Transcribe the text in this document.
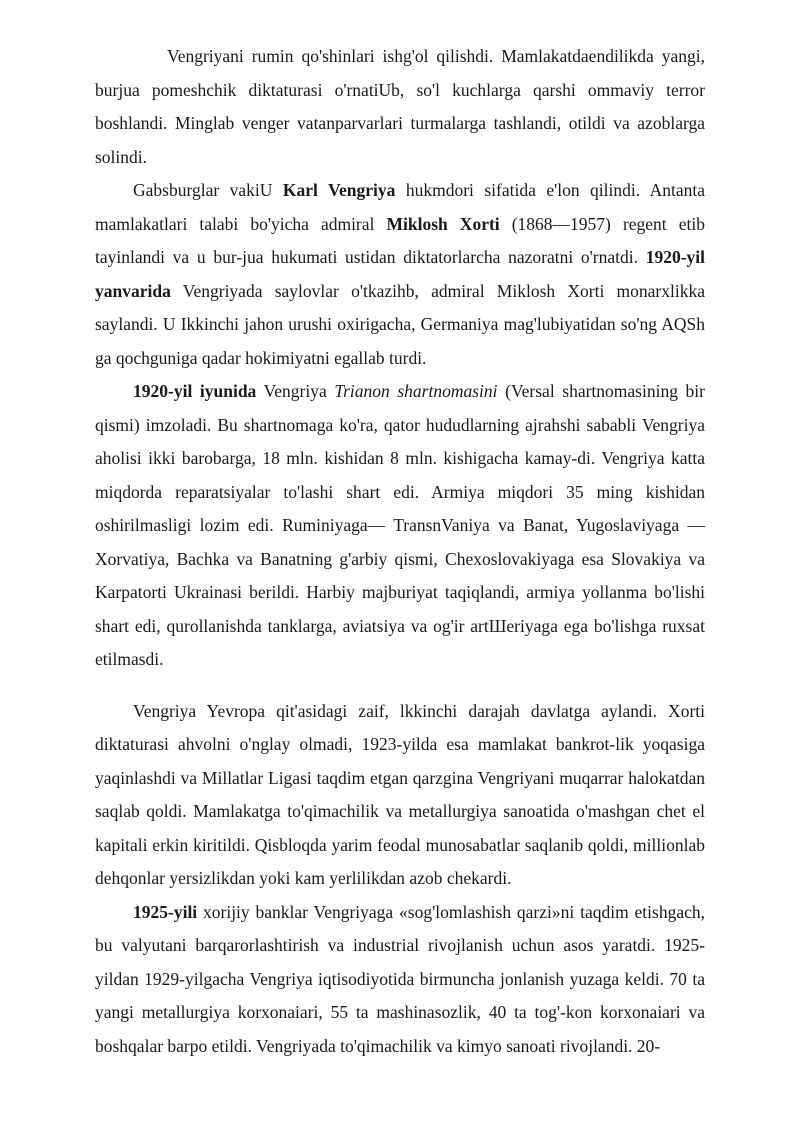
Vengriyani rumin qo'shinlari ishg'ol qilishdi. Mamlakatdaendilikda yangi, burjua pomeshchik diktaturasi o'rnatiUb, so'l kuchlarga qarshi ommaviy terror boshlandi. Minglab venger vatanparvarlari turmalarga tashlandi, otildi va azoblarga solindi.

Gabsburglar vakiU Karl Vengriya hukmdori sifatida e'lon qilindi. Antanta mamlakatlari talabi bo'yicha admiral Miklosh Xorti (1868—1957) regent etib tayinlandi va u bur-jua hukumati ustidan diktatorlarcha nazoratni o'rnatdi. 1920-yil yanvarida Vengriyada saylovlar o'tkazihb, admiral Miklosh Xorti monarxlikka saylandi. U Ikkinchi jahon urushi oxirigacha, Germaniya mag'lubiyatidan so'ng AQSh ga qochguniga qadar hokimiyatni egallab turdi.

1920-yil iyunida Vengriya Trianon shartnomasini (Versal shartnomasining bir qismi) imzoladi. Bu shartnomaga ko'ra, qator hududlarning ajrahshi sababli Vengriya aholisi ikki barobarga, 18 mln. kishidan 8 mln. kishigacha kamay-di. Vengriya katta miqdorda reparatsiyalar to'lashi shart edi. Armiya miqdori 35 ming kishidan oshirilmasligi lozim edi. Ruminiyaga— TransnVaniya va Banat, Yugoslaviyaga — Xorvatiya, Bachka va Banatning g'arbiy qismi, Chexoslovakiyaga esa Slovakiya va Karpatorti Ukrainasi berildi. Harbiy majburiyat taqiqlandi, armiya yollanma bo'lishi shart edi, qurollanishda tanklarga, aviatsiya va og'ir artШeriyaga ega bo'lishga ruxsat etilmasdi.

Vengriya Yevropa qit'asidagi zaif, lkkinchi darajah davlatga aylandi. Xorti diktaturasi ahvolni o'nglay olmadi, 1923-yilda esa mamlakat bankrot-lik yoqasiga yaqinlashdi va Millatlar Ligasi taqdim etgan qarzgina Vengriyani muqarrar halokatdan saqlab qoldi. Mamlakatga to'qimachilik va metallurgiya sanoatida o'mashgan chet el kapitali erkin kiritildi. Qisbloqda yarim feodal munosabatlar saqlanib qoldi, millionlab dehqonlar yersizlikdan yoki kam yerlilikdan azob chekardi.

1925-yili xorijiy banklar Vengriyaga «sog'lomlashish qarzi»ni taqdim etishgach, bu valyutani barqarorlashtirish va industrial rivojlanish uchun asos yaratdi. 1925-yildan 1929-yilgacha Vengriya iqtisodiyotida birmuncha jonlanish yuzaga keldi. 70 ta yangi metallurgiya korxonaiari, 55 ta mashinasozlik, 40 ta tog'-kon korxonaiari va boshqalar barpo etildi. Vengriyada to'qimachilik va kimyo sanoati rivojlandi. 20-
